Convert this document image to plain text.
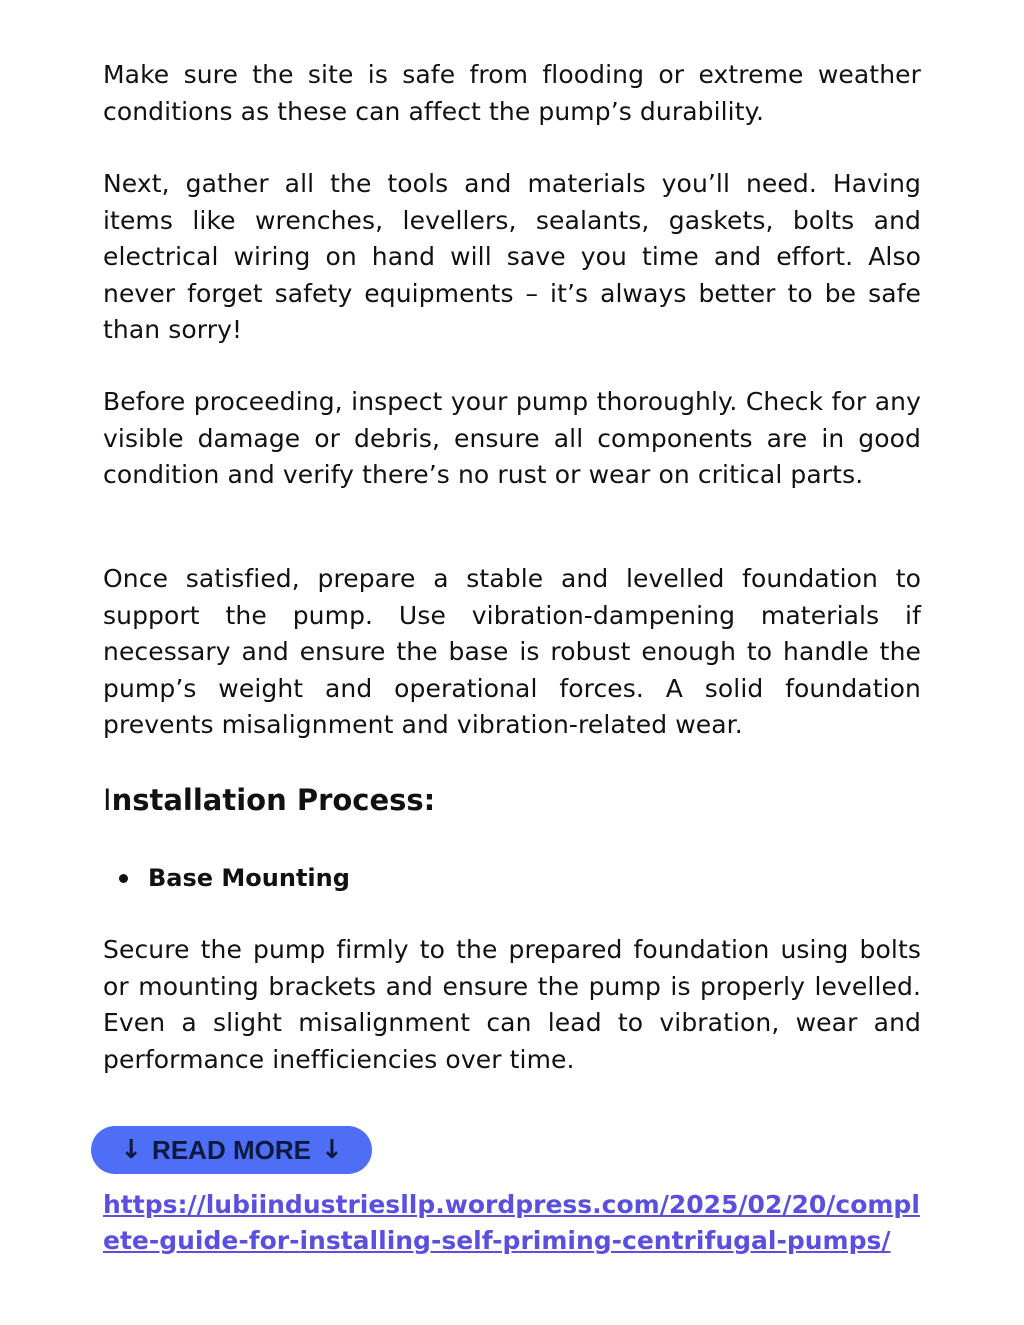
Make sure the site is safe from flooding or extreme weather conditions as these can affect the pump’s durability.

Next, gather all the tools and materials you’ll need. Having items like wrenches, levellers, sealants, gaskets, bolts and electrical wiring on hand will save you time and effort. Also never forget safety equipments – it’s always better to be safe than sorry!

Before proceeding, inspect your pump thoroughly. Check for any visible damage or debris, ensure all components are in good condition and verify there’s no rust or wear on critical parts.

Once satisfied, prepare a stable and levelled foundation to support the pump. Use vibration-dampening materials if necessary and ensure the base is robust enough to handle the pump’s weight and operational forces. A solid foundation prevents misalignment and vibration-related wear.

Installation Process:
Base Mounting

Secure the pump firmly to the prepared foundation using bolts or mounting brackets and ensure the pump is properly levelled. Even a slight misalignment can lead to vibration, wear and performance inefficiencies over time.

↓ READ MORE ↓
https://lubiindustriesllp.wordpress.com/2025/02/20/complete-guide-for-installing-self-priming-centrifugal-pumps/
